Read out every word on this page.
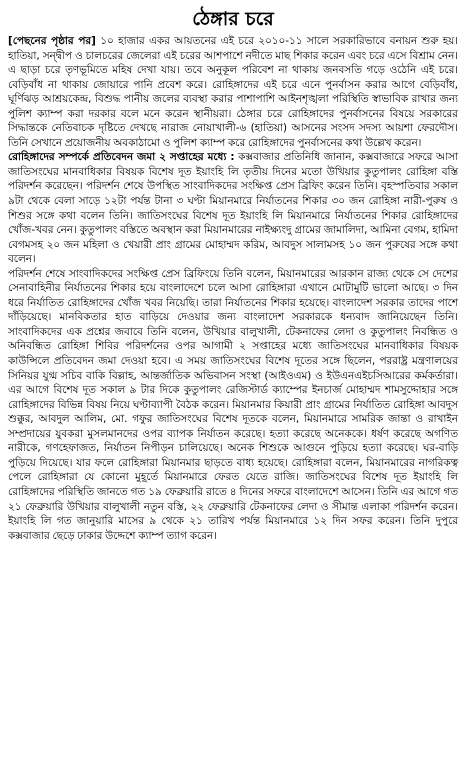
ঠেঙ্গার চরে

[পেছনের পৃষ্ঠার পর] ১০ হাজার একর আয়তনের এই চরে ২০১০-১১ সালে সরকারিভাবে বনায়ন শুরু হয়। হাতিয়া, সন্দ্বীপ ও চালচরের জেলেরা এই চরের আশপাশে নদীতে মাছ শিকার করেন এবং চরে এসে বিশ্রাম নেন। এ ছাড়া চরে তৃণভূমিতে মহিষ দেখা যায়। তবে অনুকূল পরিবেশ না থাকায় জনবসতি গড়ে ওঠেনি এই চরে। বেড়িবাঁধ না থাকায় জোয়ারে পানি প্রবেশ করে। রোহিঙ্গাদের এই চরে এনে পুনর্বাসন করার আগে বেড়িবাঁধ, ঘূর্ণিঝড় আশ্রয়কেন্দ্র, বিশুদ্ধ পানীয় জলের ব্যবস্থা করার পাশাপাশি আইনশৃঙ্খলা পরিস্থিতি স্বাভাবিক রাখার জন্য পুলিশ ক্যাম্প করা দরকার বলে মনে করেন স্থানীয়রা। ঠেঙ্গার চরে রোহিঙ্গাদের পুনর্বাসনের বিষয়ে সরকারের সিদ্ধান্তকে নেতিবাচক দৃষ্টিতে দেখছে নারাজ নোয়াখালী-৬ (হাতিয়া) আসনের সংসদ সদস্য আয়শা ফেরদৌস। তিনি সেখানে প্রয়োজনীয় অবকাঠামো ও পুলিশ ক্যাম্প করে রোহিঙ্গাদের পুনর্বাসনের কথা উল্লেখ করেন।

রোহিঙ্গাদের সম্পর্কে প্রতিবেদন জমা ২ সপ্তাহের মধ্যে : কক্সবাজার প্রতিনিধি জানান, কক্সবাজারে সফরে আসা জাতিসংঘের মানবাধিকার বিষয়ক বিশেষ দূত ইয়াংহি লি তৃতীয় দিনের মতো উখিয়ার কুতুপালং রোহিঙ্গা বস্তি পরিদর্শন করেছেন। পরিদর্শন শেষে উপস্থিত সাংবাদিকদের সংক্ষিপ্ত প্রেস ব্রিফিং করেন তিনি। বৃহস্পতিবার সকাল ৯টা থেকে বেলা সাড়ে ১২টা পর্যন্ত টানা ৩ ঘণ্টা মিয়ানমারে নির্যাতনের শিকার ৩০ জন রোহিঙ্গা নারী-পুরুষ ও শিশুর সঙ্গে কথা বলেন তিনি। জাতিসংঘের বিশেষ দূত ইয়াংহি লি মিয়ানমারে নির্যাতনের শিকার রোহিঙ্গাদের খোঁজ-খবর নেন। কুতুপালং বস্তিতে অবস্থান করা মিয়ানমারের নাইক্ষ্যংদু গ্রামের জামালিদা, আমিনা বেগম, হামিদা বেগমসহ ২০ জন মহিলা ও খেয়ারী প্রাং গ্রামের মোহাম্মদ করিম, আবদুস সালামসহ ১০ জন পুরুষের সঙ্গে কথা বলেন।

পরিদর্শন শেষে সাংবাদিকদের সংক্ষিপ্ত প্রেস ব্রিফিংয়ে তিনি বলেন, মিয়ানমারের আরকান রাজ্য থেকে সে দেশের সেনাবাহিনীর নির্যাতনের শিকার হয়ে বাংলাদেশে চলে আসা রোহিঙ্গারা এখানে মোটামুটি ভালো আছে। ৩ দিন ধরে নির্যাতিত রোহিঙ্গাদের খোঁজ খবর নিয়েছি। তারা নির্যাতনের শিকার হয়েছে। বাংলাদেশ সরকার তাদের পাশে দাঁড়িয়েছে। মানবিকতার হাত বাড়িয়ে দেওয়ার জন্য বাংলাদেশ সরকারকে ধন্যবাদ জানিয়েছেন তিনি। সাংবাদিকদের এক প্রশ্নের জবাবে তিনি বলেন, উখিয়ার বালুখালী, টেকনাফের লেদা ও কুতুপালং নিবন্ধিত ও অনিবন্ধিত রোহিঙ্গা শিবির পরিদর্শনের ওপর আগামী ২ সপ্তাহের মধ্যে জাতিসংঘের মানবাধিকার বিষয়ক কাউন্সিলে প্রতিবেদন জমা দেওয়া হবে। এ সময় জাতিসংঘের বিশেষ দূতের সঙ্গে ছিলেন, পররাষ্ট্র মন্ত্রণালয়ের সিনিয়র যুগ্ম সচিব বাকি বিল্লাহ, আন্তর্জাতিক অভিবাসন সংস্থা (আইওএম) ও ইউএনএইচসিআরের কর্মকর্তারা। এর আগে বিশেষ দূত সকাল ৯ টার দিকে কুতুপালং রেজিস্টার্ড ক্যাম্পের ইনচার্জ মোহাম্মদ শামসুদ্দোহার সঙ্গে রোহিঙ্গাদের বিভিন্ন বিষয় নিয়ে ঘণ্টাব্যাপী বৈঠক করেন। মিয়ানমার কিয়ারী প্রাং গ্রামের নির্যাতিত রোহিঙ্গা আবদুস শুক্কুর, আবদুল আলিম, মো. গফুর জাতিসংঘের বিশেষ দূতকে বলেন, মিয়ানমারে সামরিক জান্তা ও রাখাইন সম্প্রদায়ের যুবকরা মুসলমানদের ওপর ব্যাপক নির্যাতন করেছে। হত্যা করেছে অনেককে। ধর্ষণ করেছে অগণিত নারীকে, গণহেফাজত, নির্যাতন নিপীড়ন চালিয়েছে। অনেক শিশুকে আগুনে পুড়িয়ে হত্যা করেছে। ঘর-বাড়ি পুড়িয়ে দিয়েছে। যার ফলে রোহিঙ্গারা মিয়ানমার ছাড়তে বাধ্য হয়েছে। রোহিঙ্গারা বলেন, মিয়ানমারের নাগরিকত্ব পেলে রোহিঙ্গারা যে কোনো মুহূর্তে মিয়ানমারে ফেরত যেতে রাজি। জাতিসংঘের বিশেষ দূত ইয়াংহি লি রোহিঙ্গাদের পরিস্থিতি জানতে গত ১৯ ফেব্রুয়ারি রাতে ৪ দিনের সফরে বাংলাদেশে আসেন। তিনি এর আগে গত ২১ ফেব্রুয়ারি উখিয়ার বালুখালী নতুন বস্তি, ২২ ফেব্রুয়ারি টেকনাফের লেদা ও সীমান্ত এলাকা পরিদর্শন করেন। ইয়াংহি লি গত জানুয়ারি মাসের ৯ থেকে ২১ তারিখ পর্যন্ত মিয়ানমারে ১২ দিন সফর করেন। তিনি দুপুরে কক্সবাজার ছেড়ে ঢাকার উদ্দেশে ক্যাম্প ত্যাগ করেন।
